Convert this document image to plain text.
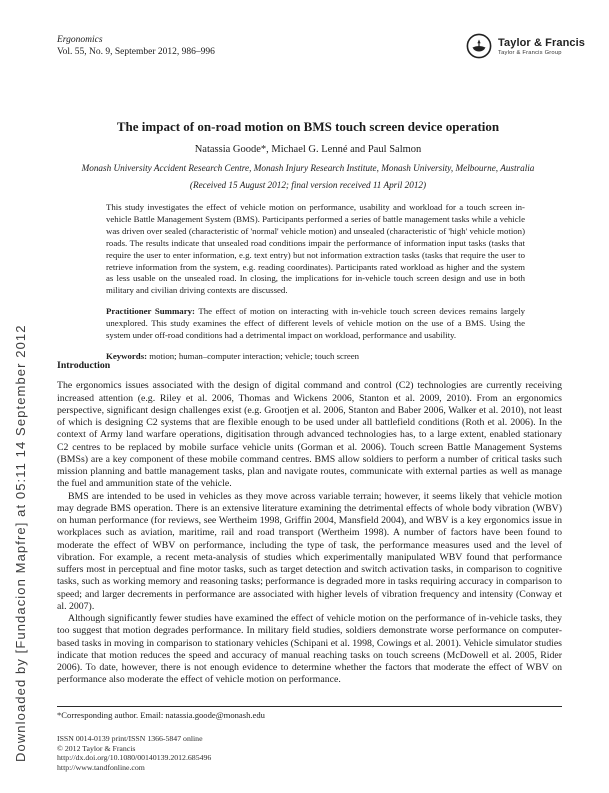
Downloaded by [Fundacion Mapfre] at 05:11 14 September 2012
Ergonomics
Vol. 55, No. 9, September 2012, 986–996
Taylor & Francis
Taylor & Francis Group
The impact of on-road motion on BMS touch screen device operation
Natassia Goode*, Michael G. Lenné and Paul Salmon
Monash University Accident Research Centre, Monash Injury Research Institute, Monash University, Melbourne, Australia
(Received 15 August 2012; final version received 11 April 2012)

This study investigates the effect of vehicle motion on performance, usability and workload for a touch screen in-vehicle Battle Management System (BMS). Participants performed a series of battle management tasks while a vehicle was driven over sealed (characteristic of 'normal' vehicle motion) and unsealed (characteristic of 'high' vehicle motion) roads. The results indicate that unsealed road conditions impair the performance of information input tasks (tasks that require the user to enter information, e.g. text entry) but not information extraction tasks (tasks that require the user to retrieve information from the system, e.g. reading coordinates). Participants rated workload as higher and the system as less usable on the unsealed road. In closing, the implications for in-vehicle touch screen design and use in both military and civilian driving contexts are discussed.

Practitioner Summary: The effect of motion on interacting with in-vehicle touch screen devices remains largely unexplored. This study examines the effect of different levels of vehicle motion on the use of a BMS. Using the system under off-road conditions had a detrimental impact on workload, performance and usability.

Keywords: motion; human–computer interaction; vehicle; touch screen

Introduction

The ergonomics issues associated with the design of digital command and control (C2) technologies are currently receiving increased attention (e.g. Riley et al. 2006, Thomas and Wickens 2006, Stanton et al. 2009, 2010). From an ergonomics perspective, significant design challenges exist (e.g. Grootjen et al. 2006, Stanton and Baber 2006, Walker et al. 2010), not least of which is designing C2 systems that are flexible enough to be used under all battlefield conditions (Roth et al. 2006). In the context of Army land warfare operations, digitisation through advanced technologies has, to a large extent, enabled stationary C2 centres to be replaced by mobile surface vehicle units (Gorman et al. 2006). Touch screen Battle Management Systems (BMSs) are a key component of these mobile command centres. BMS allow soldiers to perform a number of critical tasks such mission planning and battle management tasks, plan and navigate routes, communicate with external parties as well as manage the fuel and ammunition state of the vehicle.

BMS are intended to be used in vehicles as they move across variable terrain; however, it seems likely that vehicle motion may degrade BMS operation. There is an extensive literature examining the detrimental effects of whole body vibration (WBV) on human performance (for reviews, see Wertheim 1998, Griffin 2004, Mansfield 2004), and WBV is a key ergonomics issue in workplaces such as aviation, maritime, rail and road transport (Wertheim 1998). A number of factors have been found to moderate the effect of WBV on performance, including the type of task, the performance measures used and the level of vibration. For example, a recent meta-analysis of studies which experimentally manipulated WBV found that performance suffers most in perceptual and fine motor tasks, such as target detection and switch activation tasks, in comparison to cognitive tasks, such as working memory and reasoning tasks; performance is degraded more in tasks requiring accuracy in comparison to speed; and larger decrements in performance are associated with higher levels of vibration frequency and intensity (Conway et al. 2007).

Although significantly fewer studies have examined the effect of vehicle motion on the performance of in-vehicle tasks, they too suggest that motion degrades performance. In military field studies, soldiers demonstrate worse performance on computer-based tasks in moving in comparison to stationary vehicles (Schipani et al. 1998, Cowings et al. 2001). Vehicle simulator studies indicate that motion reduces the speed and accuracy of manual reaching tasks on touch screens (McDowell et al. 2005, Rider 2006). To date, however, there is not enough evidence to determine whether the factors that moderate the effect of WBV on performance also moderate the effect of vehicle motion on performance.

*Corresponding author. Email: natassia.goode@monash.edu
ISSN 0014-0139 print/ISSN 1366-5847 online
© 2012 Taylor & Francis
http://dx.doi.org/10.1080/00140139.2012.685496
http://www.tandfonline.com
